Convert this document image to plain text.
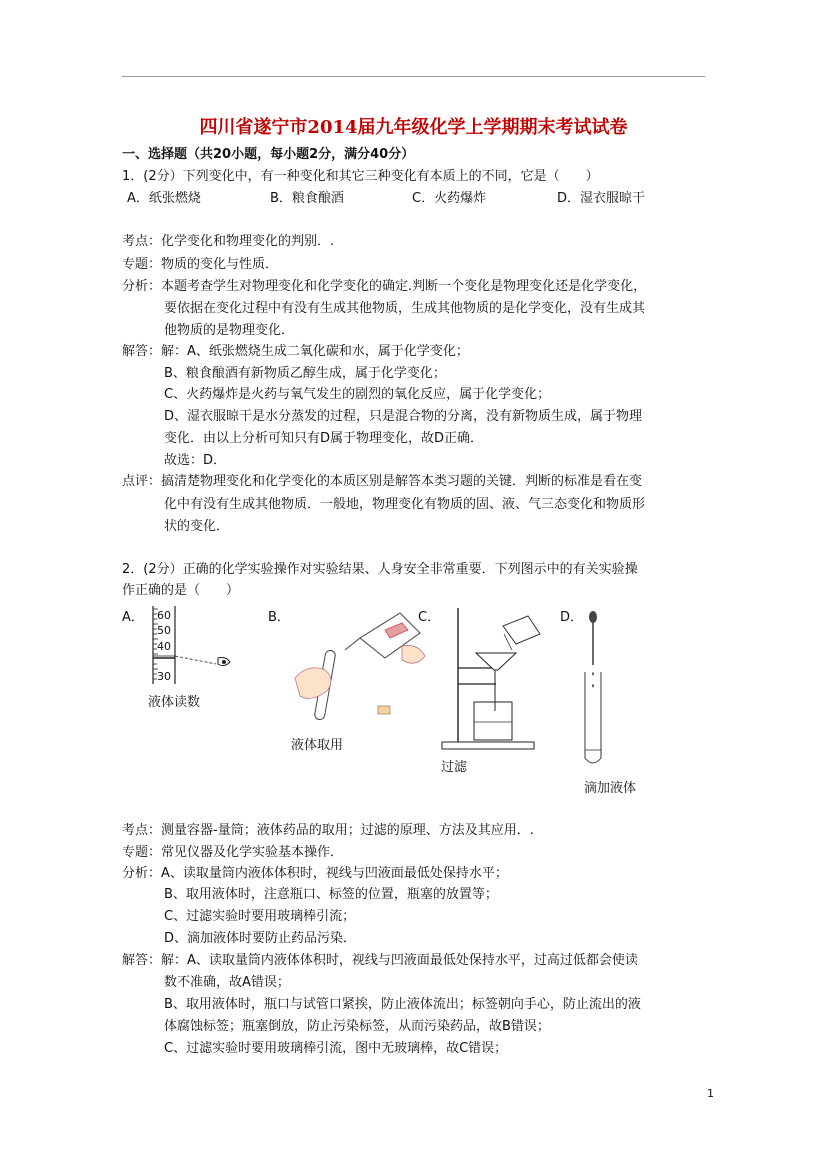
四川省遂宁市2014届九年级化学上学期期末考试试卷
一、选择题（共20小题，每小题2分，满分40分）
1．(2分）下列变化中，有一种变化和其它三种变化有本质上的不同，它是（　　）
A．纸张燃烧	B．粮食酿酒	C．火药爆炸	D．湿衣服晾干
考点：化学变化和物理变化的判别．.
专题：物质的变化与性质．
分析：本题考查学生对物理变化和化学变化的确定.判断一个变化是物理变化还是化学变化，
要依据在变化过程中有没有生成其他物质，生成其他物质的是化学变化，没有生成其
他物质的是物理变化．
解答：解：A、纸张燃烧生成二氧化碳和水，属于化学变化；
B、粮食酿酒有新物质乙醇生成，属于化学变化；
C、火药爆炸是火药与氧气发生的剧烈的氧化反应，属于化学变化；
D、湿衣服晾干是水分蒸发的过程，只是混合物的分离，没有新物质生成，属于物理
变化．由以上分析可知只有D属于物理变化，故D正确．
故选：D．
点评：搞清楚物理变化和化学变化的本质区别是解答本类习题的关键．判断的标准是看在变
化中有没有生成其他物质．一般地，物理变化有物质的固、液、气三态变化和物质形
状的变化．
2．(2分）正确的化学实验操作对实验结果、人身安全非常重要．下列图示中的有关实验操
作正确的是（　　）
A． 60
50
40
30
液体读数
B．
液体取用
C．
过滤
D．
滴加液体
考点：测量容器-量筒；液体药品的取用；过滤的原理、方法及其应用．.
专题：常见仪器及化学实验基本操作．
分析：A、读取量筒内液体体积时，视线与凹液面最低处保持水平；
B、取用液体时，注意瓶口、标签的位置，瓶塞的放置等；
C、过滤实验时要用玻璃棒引流；
D、滴加液体时要防止药品污染．
解答：解：A、读取量筒内液体体积时，视线与凹液面最低处保持水平，过高过低都会使读
数不准确，故A错误；
B、取用液体时，瓶口与试管口紧挨，防止液体流出；标签朝向手心，防止流出的液
体腐蚀标签；瓶塞倒放，防止污染标签，从而污染药品，故B错误；
C、过滤实验时要用玻璃棒引流，图中无玻璃棒，故C错误；
1
